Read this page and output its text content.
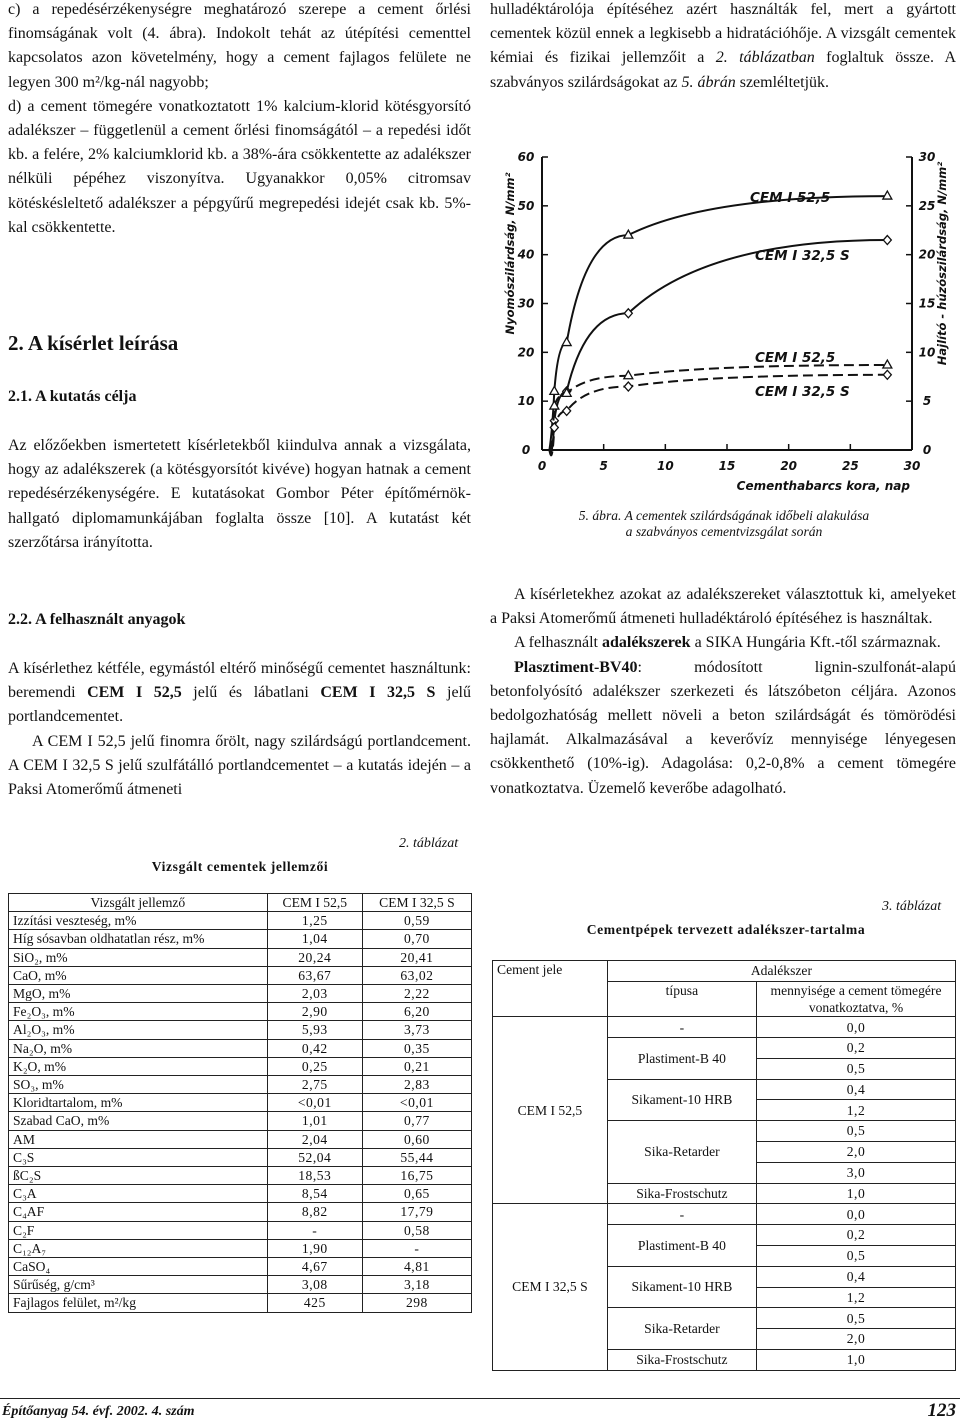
c) a repedésérzékenységre meghatározó szerepe a cement őrlési finomságának volt (4. ábra). Indokolt tehát az útépítési cementtel kapcsolatos azon követelmény, hogy a cement fajlagos felülete ne legyen 300 m²/kg-nál nagyobb;

d) a cement tömegére vonatkoztatott 1% kalcium-klorid kötésgyorsító adalékszer – függetlenül a cement őrlési finomságától – a repedési időt kb. a felére, 2% kalciumklorid kb. a 38%-ára csökkentette az adalékszer nélküli pépéhez viszonyítva. Ugyanakkor 0,05% citromsav kötéskésleltető adalékszer a pépgyűrű megrepedési idejét csak kb. 5%-kal csökkentette.

2. A kísérlet leírása
2.1. A kutatás célja

Az előzőekben ismertetett kísérletekből kiindulva annak a vizsgálata, hogy az adalékszerek (a kötésgyorsítót kivéve) hogyan hatnak a cement repedésérzékenységére. E kutatásokat Gombor Péter építőmérnök-hallgató diplomamunkájában foglalta össze [10]. A kutatást két szerzőtársa irányította.

2.2. A felhasznált anyagok

A kísérlethez kétféle, egymástól eltérő minőségű cementet használtunk: beremendi CEM I 52,5 jelű és lábatlani CEM I 32,5 S jelű portlandcementet.

A CEM I 52,5 jelű finomra őrölt, nagy szilárdságú portlandcement. A CEM I 32,5 S jelű szulfátálló portlandcementet – a kutatás idején – a Paksi Atomerőmű átmeneti

2. táblázat
Vizsgált cementek jellemzői
Vizsgált jellemző	CEM I 52,5	CEM I 32,5 S
Izzítási veszteség, m%	1,25	0,59
Híg sósavban oldhatatlan rész, m%	1,04	0,70
SiO₂, m%	20,24	20,41
CaO, m%	63,67	63,02
MgO, m%	2,03	2,22
Fe₂O₃, m%	2,90	6,20
Al₂O₃, m%	5,93	3,73
Na₂O, m%	0,42	0,35
K₂O, m%	0,25	0,21
SO₃, m%	2,75	2,83
Kloridtartalom, m%	<0,01	<0,01
Szabad CaO, m%	1,01	0,77
AM	2,04	0,60
C₃S	52,04	55,44
ßC₂S	18,53	16,75
C₃A	8,54	0,65
C₄AF	8,82	17,79
C₂F	-	0,58
C₁₂A₇	1,90	-
CaSO₄	4,67	4,81
Sűrűség, g/cm³	3,08	3,18
Fajlagos felület, m²/kg	425	298

hulladéktárolója építéséhez azért használták fel, mert a gyártott cementek közül ennek a legkisebb a hidratációhője. A vizsgált cementek kémiai és fizikai jellemzőit a 2. táblázatban foglaltuk össze. A szabványos szilárdságokat az 5. ábrán szemléltetjük.

0
10
20
30
40
50
60
0
5
10
15
20
25
30
0	5	10	15	20	25	30
Cementhabarcs kora, nap
Nyomószilárdság, N/mm²	Hajlító - húzószilárdság, N/mm²
CEM I 52,5
CEM I 32,5 S
CEM I 52,5
CEM I 32,5 S
5. ábra. A cementek szilárdságának időbeli alakulása
a szabványos cementvizsgálat során

A kísérletekhez azokat az adalékszereket választottuk ki, amelyeket a Paksi Atomerőmű átmeneti hulladéktároló építéséhez is használtak.

A felhasznált adalékszerek a SIKA Hungária Kft.-től származnak.

Plasztiment-BV40: módosított lignin-szulfonát-alapú betonfolyósító adalékszer szerkezeti és látszóbeton céljára. Azonos bedolgozhatóság mellett növeli a beton szilárdságát és tömörödési hajlamát. Alkalmazásával a keverővíz mennyisége lényegesen csökkenthető (10%-ig). Adagolása: 0,2-0,8% a cement tömegére vonatkoztatva. Üzemelő keverőbe adagolható.

3. táblázat
Cementpépek tervezett adalékszer-tartalma
Cement jele	Adalékszer	
	típusa	mennyisége a cement tömegére vonatkoztatva, %
CEM I 52,5	-	0,0
	Plastiment-B 40	0,2
		0,5
	Sikament-10 HRB	0,4
		1,2
	Sika-Retarder	0,5
		2,0
		3,0
	Sika-Frostschutz	1,0
CEM I 32,5 S	-	0,0
	Plastiment-B 40	0,2
		0,5
	Sikament-10 HRB	0,4
		1,2
	Sika-Retarder	0,5
		2,0
	Sika-Frostschutz	1,0
Építőanyag 54. évf. 2002. 4. szám	123
